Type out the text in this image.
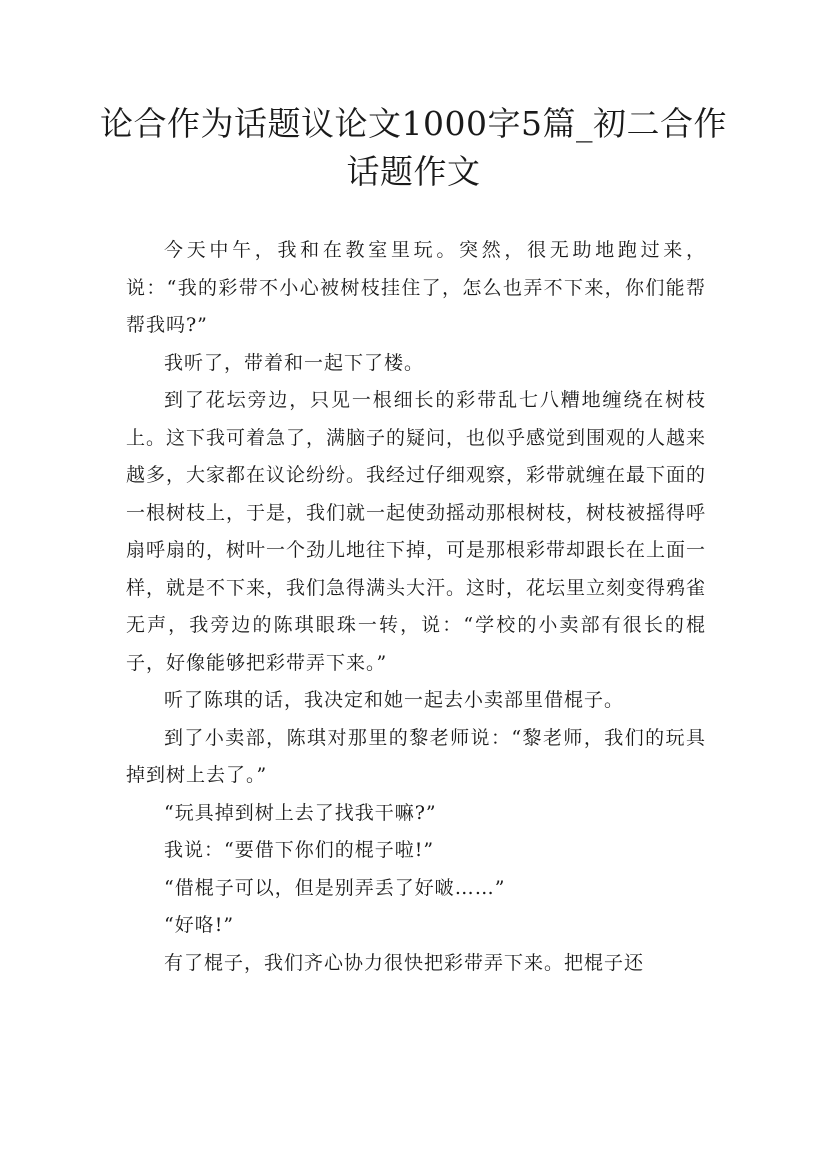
论合作为话题议论文1000字5篇_初二合作
话题作文

今天中午，我和在教室里玩。突然，很无助地跑过来，说：“我的彩带不小心被树枝挂住了，怎么也弄不下来，你们能帮帮我吗?”

我听了，带着和一起下了楼。

到了花坛旁边，只见一根细长的彩带乱七八糟地缠绕在树枝上。这下我可着急了，满脑子的疑问，也似乎感觉到围观的人越来越多，大家都在议论纷纷。我经过仔细观察，彩带就缠在最下面的一根树枝上，于是，我们就一起使劲摇动那根树枝，树枝被摇得呼扇呼扇的，树叶一个劲儿地往下掉，可是那根彩带却跟长在上面一样，就是不下来，我们急得满头大汗。这时，花坛里立刻变得鸦雀无声，我旁边的陈琪眼珠一转，说：“学校的小卖部有很长的棍子，好像能够把彩带弄下来。”

听了陈琪的话，我决定和她一起去小卖部里借棍子。

到了小卖部，陈琪对那里的黎老师说：“黎老师，我们的玩具掉到树上去了。”

“玩具掉到树上去了找我干嘛?”

我说：“要借下你们的棍子啦!”

“借棍子可以，但是别弄丢了好啵……”

“好咯!”

有了棍子，我们齐心协力很快把彩带弄下来。把棍子还
